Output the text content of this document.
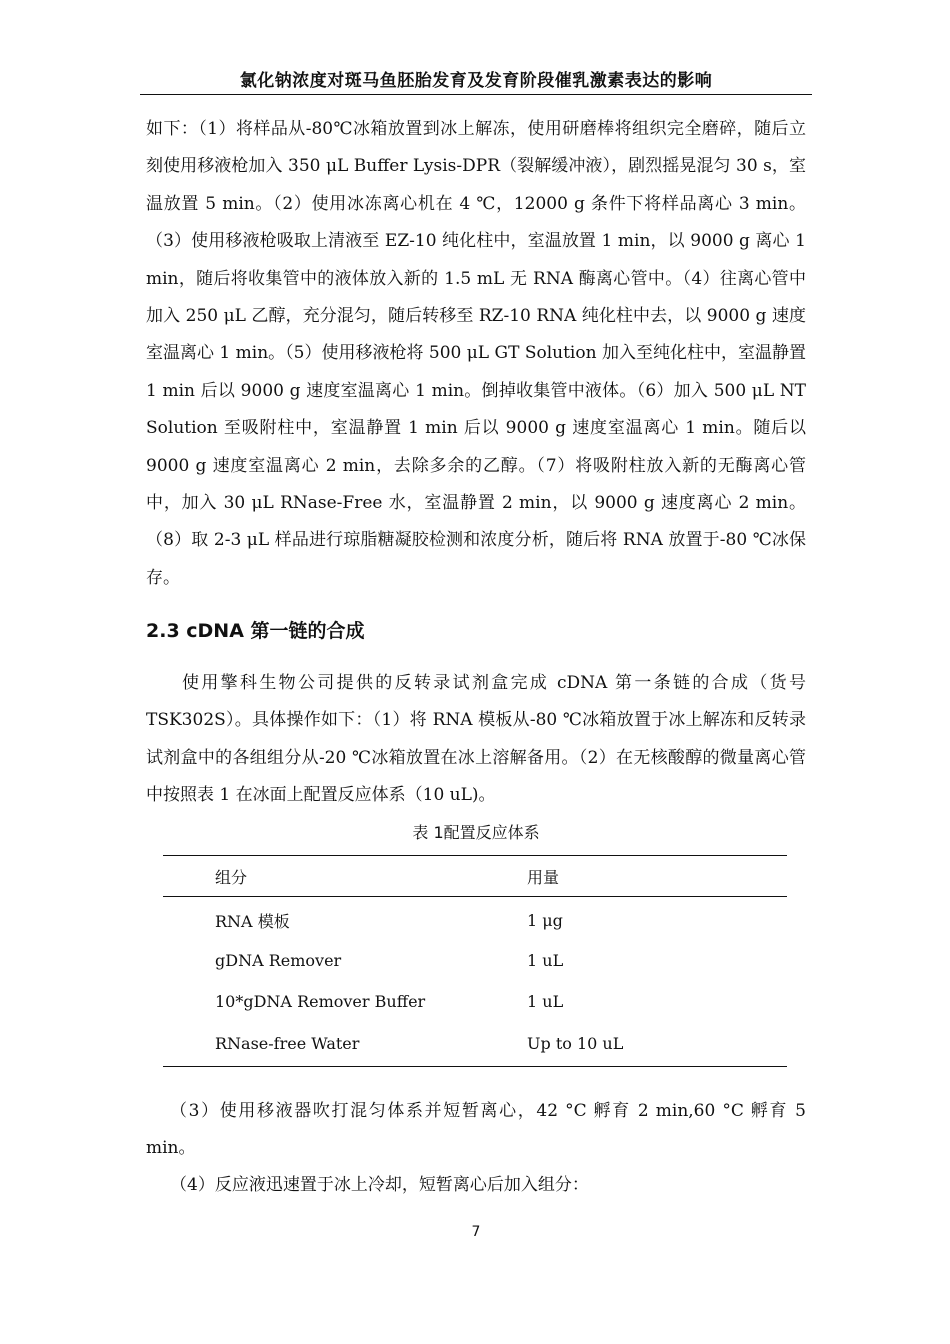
氯化钠浓度对斑马鱼胚胎发育及发育阶段催乳激素表达的影响

如下：（1）将样品从-80℃冰箱放置到冰上解冻，使用研磨棒将组织完全磨碎，随后立刻使用移液枪加入 350 μL Buffer Lysis-DPR（裂解缓冲液），剧烈摇晃混匀 30 s，室温放置 5 min。（2）使用冰冻离心机在 4 ℃，12000 g 条件下将样品离心 3 min。（3）使用移液枪吸取上清液至 EZ-10 纯化柱中，室温放置 1 min，以 9000 g 离心 1 min，随后将收集管中的液体放入新的 1.5 mL 无 RNA 酶离心管中。（4）往离心管中加入 250 μL 乙醇，充分混匀，随后转移至 RZ-10 RNA 纯化柱中去，以 9000 g 速度室温离心 1 min。（5）使用移液枪将 500 μL GT Solution 加入至纯化柱中，室温静置 1 min 后以 9000 g 速度室温离心 1 min。倒掉收集管中液体。（6）加入 500 μL NT Solution 至吸附柱中，室温静置 1 min 后以 9000 g 速度室温离心 1 min。随后以 9000 g 速度室温离心 2 min，去除多余的乙醇。（7）将吸附柱放入新的无酶离心管中，加入 30 μL RNase-Free 水，室温静置 2 min，以 9000 g 速度离心 2 min。（8）取 2-3 μL 样品进行琼脂糖凝胶检测和浓度分析，随后将 RNA 放置于-80 ℃冰保存。

2.3 cDNA 第一链的合成

使用擎科生物公司提供的反转录试剂盒完成 cDNA 第一条链的合成（货号 TSK302S）。具体操作如下：（1）将 RNA 模板从-80 ℃冰箱放置于冰上解冻和反转录试剂盒中的各组组分从-20 ℃冰箱放置在冰上溶解备用。（2）在无核酸醇的微量离心管中按照表 1 在冰面上配置反应体系（10 uL)。

表 1配置反应体系
组分	用量
RNA 模板	1 μg
gDNA Remover	1 uL
10*gDNA Remover Buffer	1 uL
RNase-free Water	Up to 10 uL

（3）使用移液器吹打混匀体系并短暂离心，42 °C 孵育 2 min,60 °C 孵育 5 min。

（4）反应液迅速置于冰上冷却，短暂离心后加入组分：

7
